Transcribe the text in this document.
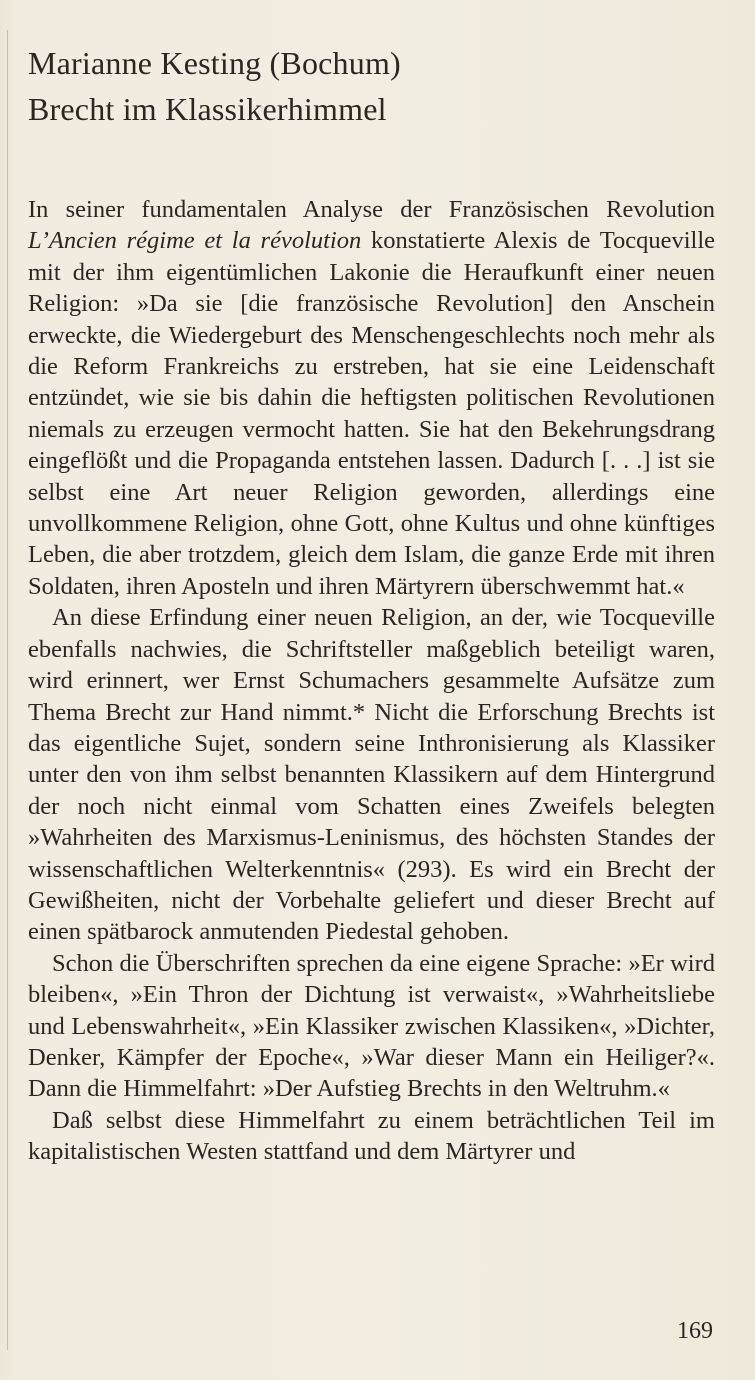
Marianne Kesting (Bochum)
Brecht im Klassikerhimmel

In seiner fundamentalen Analyse der Französischen Revolution L’Ancien régime et la révolution konstatierte Alexis de Tocqueville mit der ihm eigentümlichen Lakonie die Heraufkunft einer neuen Religion: »Da sie [die französische Revolution] den Anschein erweckte, die Wiedergeburt des Menschengeschlechts noch mehr als die Reform Frankreichs zu erstreben, hat sie eine Leidenschaft entzündet, wie sie bis dahin die heftigsten politischen Revolutionen niemals zu erzeugen vermocht hatten. Sie hat den Bekehrungsdrang eingeflößt und die Propaganda entstehen lassen. Dadurch [. . .] ist sie selbst eine Art neuer Religion geworden, allerdings eine unvollkommene Religion, ohne Gott, ohne Kultus und ohne künftiges Leben, die aber trotzdem, gleich dem Islam, die ganze Erde mit ihren Soldaten, ihren Aposteln und ihren Märtyrern überschwemmt hat.«

An diese Erfindung einer neuen Religion, an der, wie Tocqueville ebenfalls nachwies, die Schriftsteller maßgeblich beteiligt waren, wird erinnert, wer Ernst Schumachers gesammelte Aufsätze zum Thema Brecht zur Hand nimmt.* Nicht die Erforschung Brechts ist das eigentliche Sujet, sondern seine Inthronisierung als Klassiker unter den von ihm selbst benannten Klassikern auf dem Hintergrund der noch nicht einmal vom Schatten eines Zweifels belegten »Wahrheiten des Marxismus-Leninismus, des höchsten Standes der wissenschaftlichen Welterkenntnis« (293). Es wird ein Brecht der Gewißheiten, nicht der Vorbehalte geliefert und dieser Brecht auf einen spätbarock anmutenden Piedestal gehoben.

Schon die Überschriften sprechen da eine eigene Sprache: »Er wird bleiben«, »Ein Thron der Dichtung ist verwaist«, »Wahrheitsliebe und Lebenswahrheit«, »Ein Klassiker zwischen Klassiken«, »Dichter, Denker, Kämpfer der Epoche«, »War dieser Mann ein Heiliger?«. Dann die Himmelfahrt: »Der Aufstieg Brechts in den Weltruhm.«

Daß selbst diese Himmelfahrt zu einem beträchtlichen Teil im kapitalistischen Westen stattfand und dem Märtyrer und

169
